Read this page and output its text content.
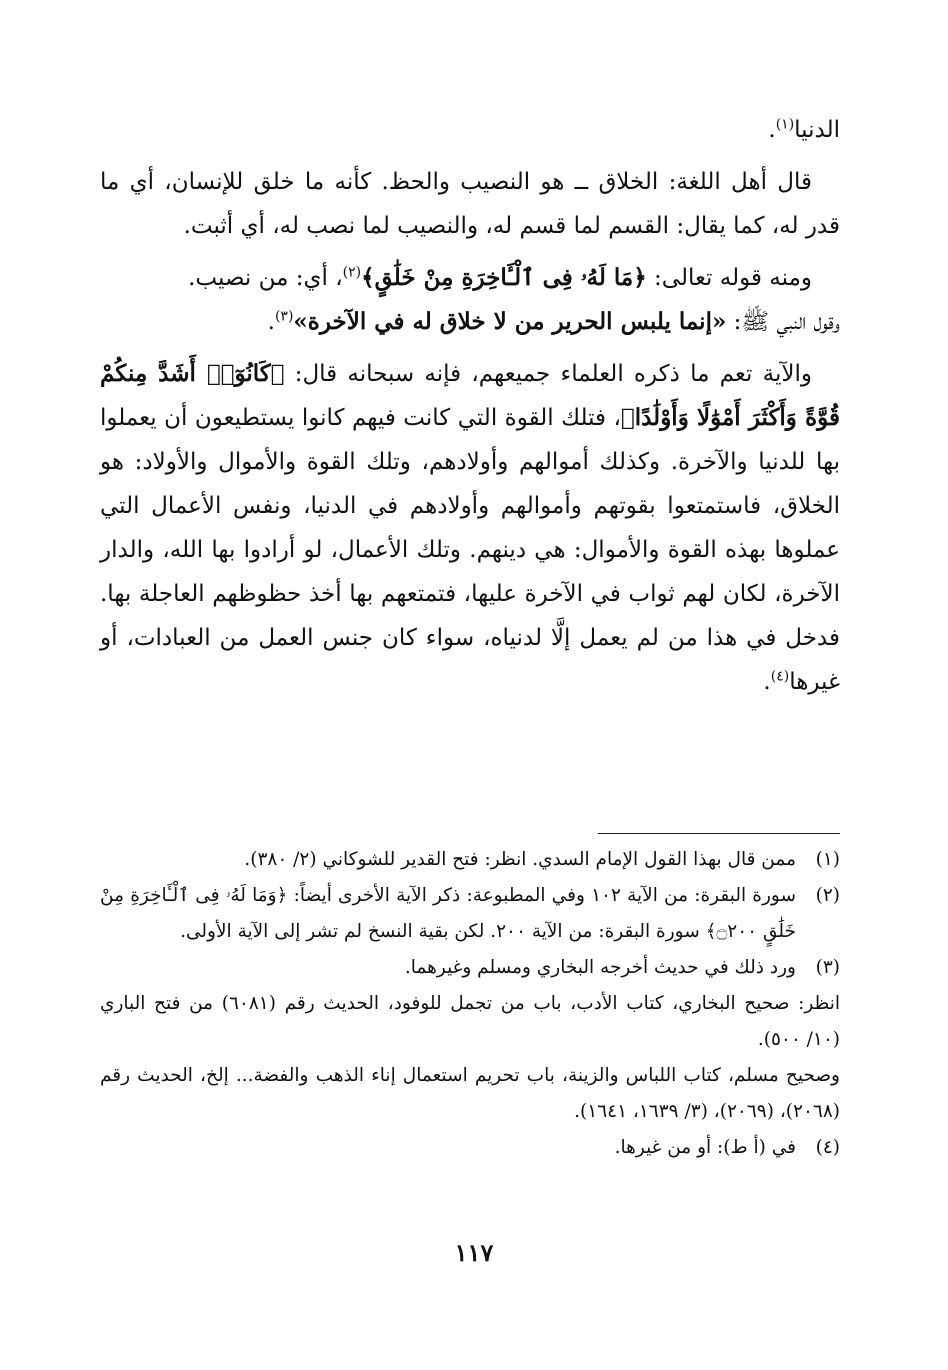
الدنيا$^{(١)}$.

قال أهل اللغة: الخلاق ــ هو النصيب والحظ. كأنه ما خلق للإنسان، أي ما قدر له، كما يقال: القسم لما قسم له، والنصيب لما نصب له، أي أثبت.

ومنه قوله تعالى: ﴿مَا لَهُۥ فِى ٱلْـَٔاخِرَةِ مِنْ خَلَٰقٍ﴾$^{(٢)}$، أي: من نصيب.

وقول النبي ﷺ: «إنما يلبس الحرير من لا خلاق له في الآخرة»$^{(٣)}$.

والآية تعم ما ذكره العلماء جميعهم، فإنه سبحانه قال: ﴿كَانُوٓا۟ أَشَدَّ مِنكُمْ قُوَّةً وَأَكْثَرَ أَمْوَٰلًا وَأَوْلَٰدًا﴾، فتلك القوة التي كانت فيهم كانوا يستطيعون أن يعملوا بها للدنيا والآخرة. وكذلك أموالهم وأولادهم، وتلك القوة والأموال والأولاد: هو الخلاق، فاستمتعوا بقوتهم وأموالهم وأولادهم في الدنيا، ونفس الأعمال التي عملوها بهذه القوة والأموال: هي دينهم. وتلك الأعمال، لو أرادوا بها الله، والدار الآخرة، لكان لهم ثواب في الآخرة عليها، فتمتعهم بها أخذ حظوظهم العاجلة بها. فدخل في هذا من لم يعمل إلَّا لدنياه، سواء كان جنس العمل من العبادات، أو غيرها$^{(٤)}$.

(١)
ممن قال بهذا القول الإمام السدي. انظر: فتح القدير للشوكاني (٢/ ٣٨٠).
(٢)
سورة البقرة: من الآية ١٠٢ وفي المطبوعة: ذكر الآية الأخرى أيضاً: ﴿وَمَا لَهُۥ فِى ٱلْـَٔاخِرَةِ مِنْ خَلَٰقٍ ۝٢٠٠﴾ سورة البقرة: من الآية ٢٠٠. لكن بقية النسخ لم تشر إلى الآية الأولى.
(٣)
ورد ذلك في حديث أخرجه البخاري ومسلم وغيرهما.
انظر: صحيح البخاري، كتاب الأدب، باب من تجمل للوفود، الحديث رقم (٦٠٨١) من فتح الباري (١٠/ ٥٠٠).
وصحيح مسلم، كتاب اللباس والزينة، باب تحريم استعمال إناء الذهب والفضة... إلخ، الحديث رقم (٢٠٦٨)، (٢٠٦٩)، (٣/ ١٦٣٩، ١٦٤١).
(٤)
في (أ ط): أو من غيرها.
١١٧
